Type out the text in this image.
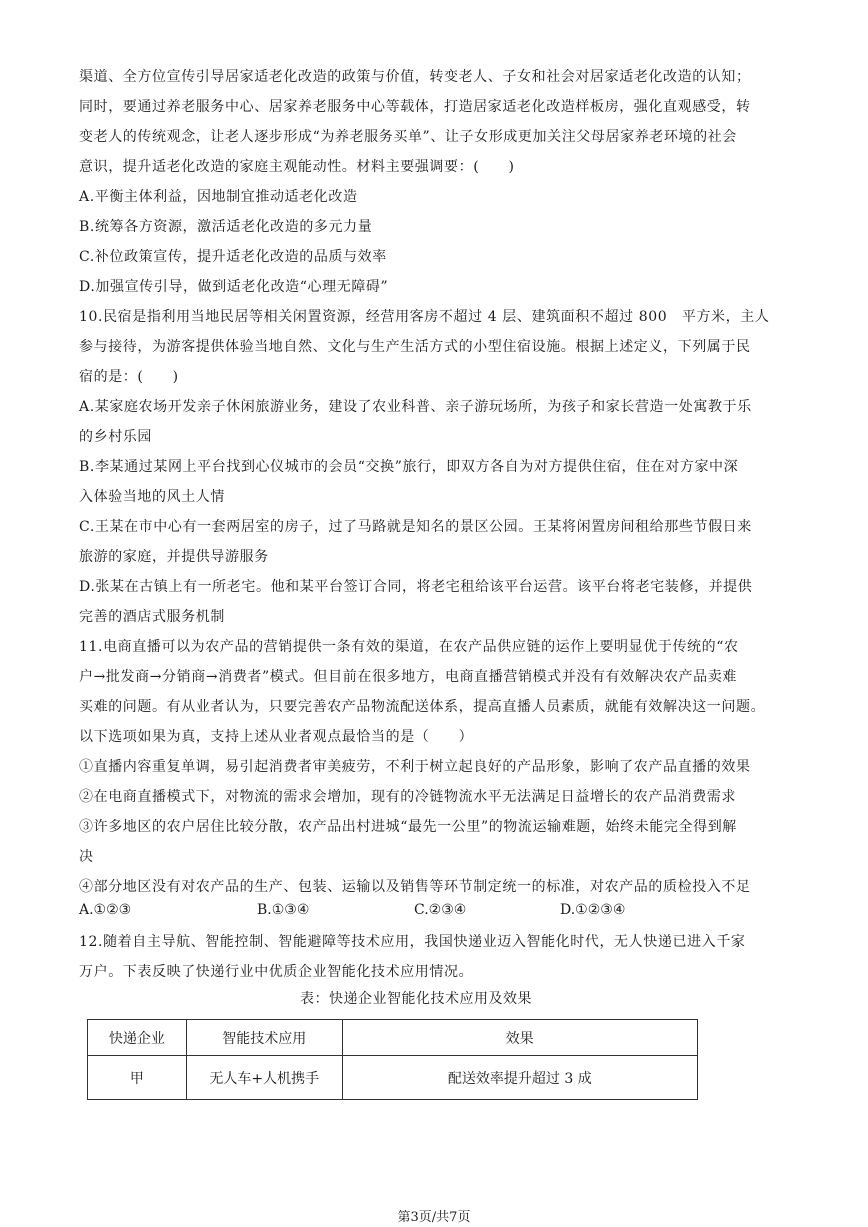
渠道、全方位宣传引导居家适老化改造的政策与价值，转变老人、子女和社会对居家适老化改造的认知；
同时，要通过养老服务中心、居家养老服务中心等载体，打造居家适老化改造样板房，强化直观感受，转
变老人的传统观念，让老人逐步形成“为养老服务买单”、让子女形成更加关注父母居家养老环境的社会
意识，提升适老化改造的家庭主观能动性。材料主要强调要：(　　)
A.平衡主体利益，因地制宜推动适老化改造
B.统筹各方资源，激活适老化改造的多元力量
C.补位政策宣传，提升适老化改造的品质与效率
D.加强宣传引导，做到适老化改造“心理无障碍”
10.民宿是指利用当地民居等相关闲置资源，经营用客房不超过 4 层、建筑面积不超过 800　平方米，主人
参与接待，为游客提供体验当地自然、文化与生产生活方式的小型住宿设施。根据上述定义，下列属于民
宿的是：(　　)
A.某家庭农场开发亲子休闲旅游业务，建设了农业科普、亲子游玩场所，为孩子和家长营造一处寓教于乐
的乡村乐园
B.李某通过某网上平台找到心仪城市的会员“交换”旅行，即双方各自为对方提供住宿，住在对方家中深
入体验当地的风土人情
C.王某在市中心有一套两居室的房子，过了马路就是知名的景区公园。王某将闲置房间租给那些节假日来
旅游的家庭，并提供导游服务
D.张某在古镇上有一所老宅。他和某平台签订合同，将老宅租给该平台运营。该平台将老宅装修，并提供
完善的酒店式服务机制
11.电商直播可以为农产品的营销提供一条有效的渠道，在农产品供应链的运作上要明显优于传统的“农
户→批发商→分销商→消费者”模式。但目前在很多地方，电商直播营销模式并没有有效解决农产品卖难
买难的问题。有从业者认为，只要完善农产品物流配送体系，提高直播人员素质，就能有效解决这一问题。
以下选项如果为真，支持上述从业者观点最恰当的是（　　）
①直播内容重复单调，易引起消费者审美疲劳，不利于树立起良好的产品形象，影响了农产品直播的效果
②在电商直播模式下，对物流的需求会增加，现有的冷链物流水平无法满足日益增长的农产品消费需求
③许多地区的农户居住比较分散，农产品出村进城“最先一公里”的物流运输难题，始终未能完全得到解
决
④部分地区没有对农产品的生产、包装、运输以及销售等环节制定统一的标准，对农产品的质检投入不足
A.①②③	B.①③④	C.②③④	D.①②③④
12.随着自主导航、智能控制、智能避障等技术应用，我国快递业迈入智能化时代，无人快递已进入千家
万户。下表反映了快递行业中优质企业智能化技术应用情况。
表：快递企业智能化技术应用及效果
快递企业	智能技术应用	效果
甲	无人车+人机携手	配送效率提升超过 3 成
第3页/共7页
